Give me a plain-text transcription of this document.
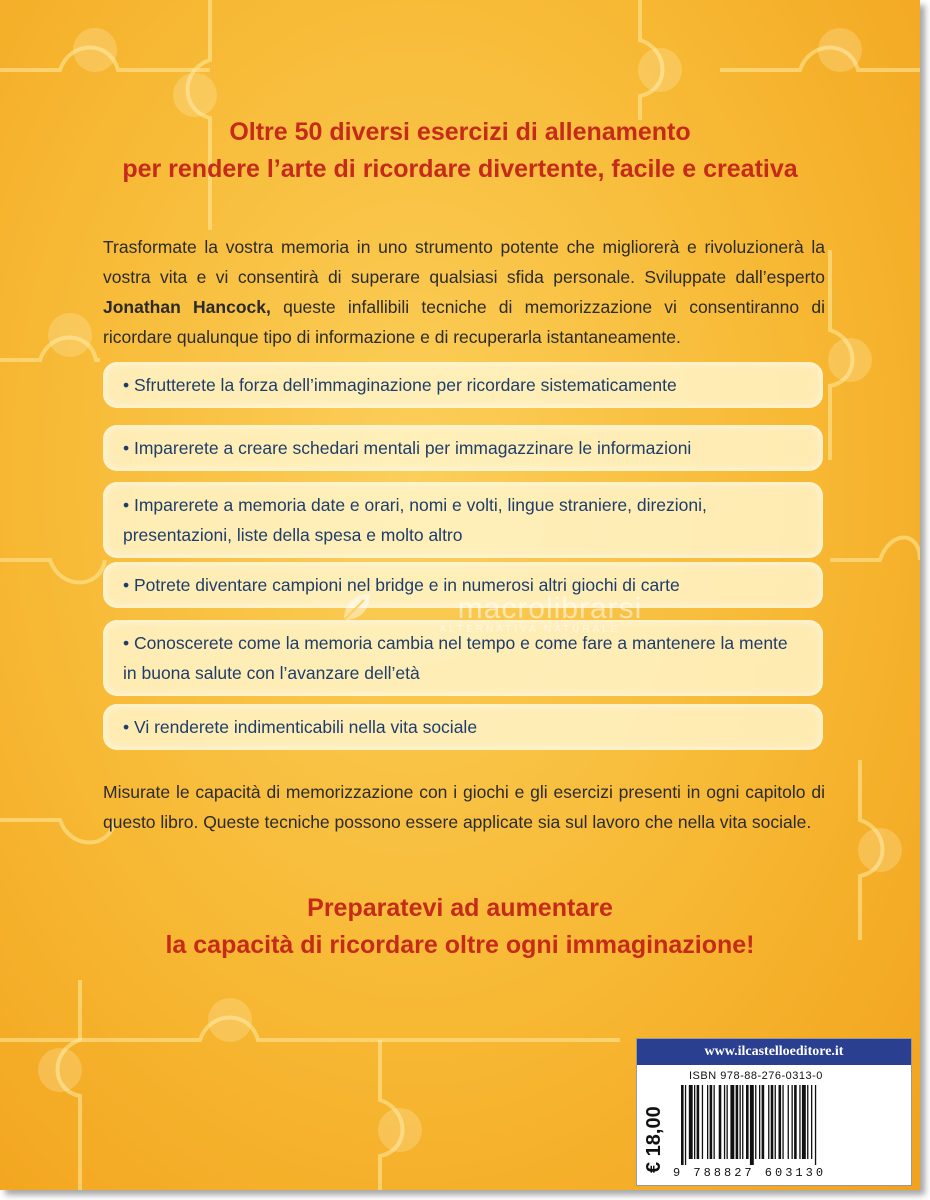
Oltre 50 diversi esercizi di allenamento
per rendere l’arte di ricordare divertente, facile e creativa
Trasformate la vostra memoria in uno strumento potente che migliorerà e rivoluzionerà la vostra vita e vi consentirà di superare qualsiasi sfida personale. Sviluppate dall’esperto Jonathan Hancock, queste infallibili tecniche di memorizzazione vi consentiranno di ricordare qualunque tipo di informazione e di recuperarla istantaneamente.
• Sfrutterete la forza dell’immaginazione per ricordare sistematicamente
• Imparerete a creare schedari mentali per immagazzinare le informazioni
• Imparerete a memoria date e orari, nomi e volti, lingue straniere, direzioni, presentazioni, liste della spesa e molto altro
• Potrete diventare campioni nel bridge e in numerosi altri giochi di carte
• Conoscerete come la memoria cambia nel tempo e come fare a mantenere la mente in buona salute con l’avanzare dell’età
• Vi renderete indimenticabili nella vita sociale
macrolibrarsi
ALTERNATIVA NATURALE
Misurate le capacità di memorizzazione con i giochi e gli esercizi presenti in ogni capitolo di questo libro. Queste tecniche possono essere applicate sia sul lavoro che nella vita sociale.
Preparatevi ad aumentare
la capacità di ricordare oltre ogni immaginazione!
www.ilcastelloeditore.it
€ 18,00
ISBN 978-88-276-0313-0
9 788827 603130
